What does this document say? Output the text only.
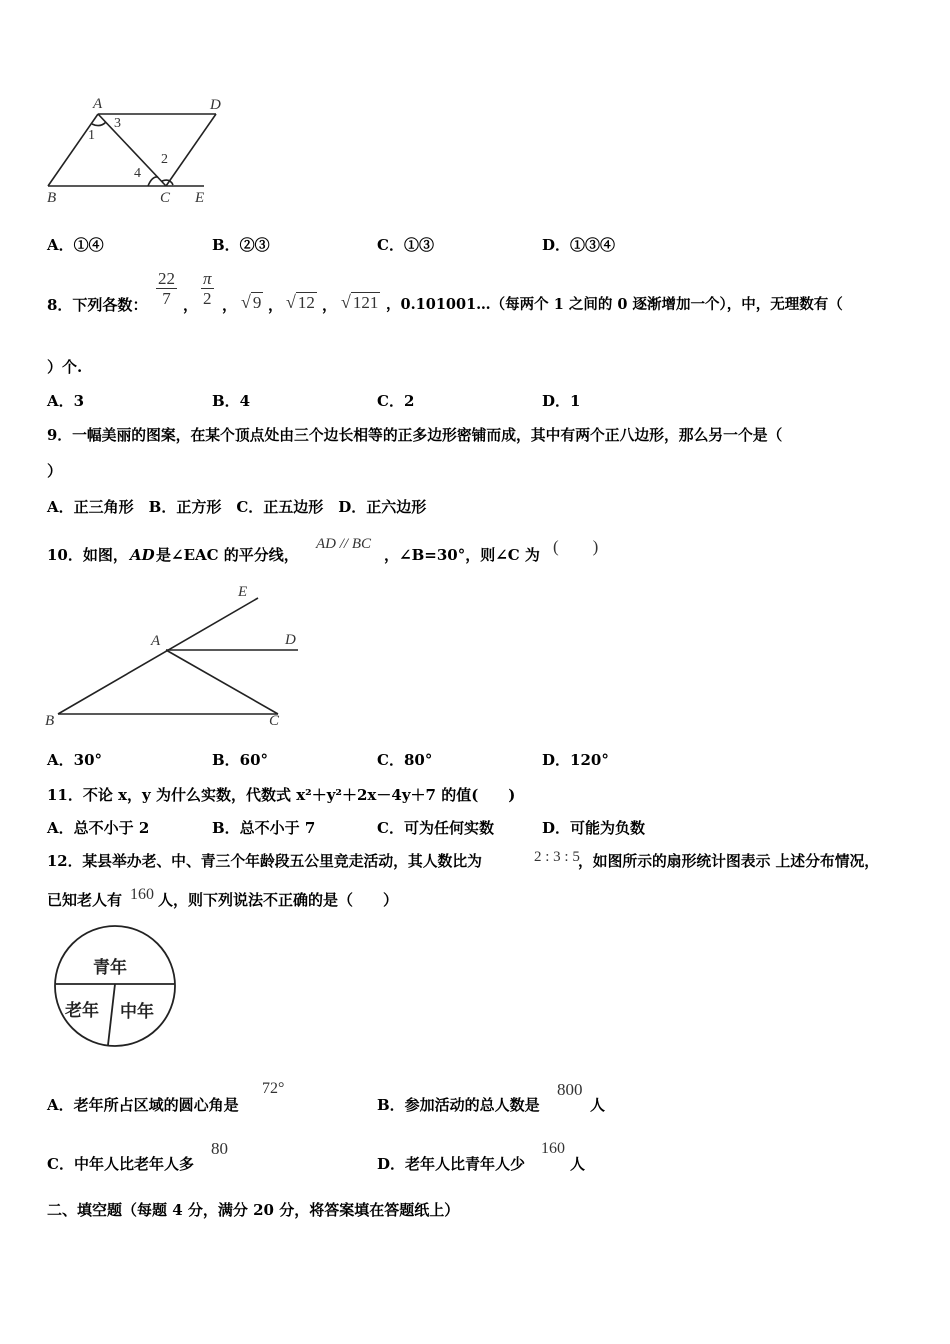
A	D
B	C E
1
3
2
4
A．①④	B．②③	C．①③	D．①③④
8．下列各数： $\frac{22}{7}$ ， $\frac{\pi}{2}$ ， √ 9 ， √ 12 ， √ 121 ，0.101001…（每两个 1 之间的 0 逐渐增加一个），中，无理数有（
）个.
A．3	B．4	C．2	D．1
9．一幅美丽的图案，在某个顶点处由三个边长相等的正多边形密铺而成，其中有两个正八边形，那么另一个是（
）
A．正三角形　B．正方形　C．正五边形　D．正六边形
10．如图， AD 是∠EAC 的平分线，
AD // BC
，∠B=30°，则∠C 为 (　　)
E
A	D
B	C
A．30°	B．60°	C．80°	D．120°
11．不论 x，y 为什么实数，代数式 x²＋y²＋2x－4y＋7 的值(　　)
A．总不小于 2	B．总不小于 7	C．可为任何实数	D．可能为负数
12．某县举办老、中、青三个年龄段五公里竞走活动，其人数比为	2 : 3 : 5
，如图所示的扇形统计图表示 上述分布情况，
已知老人有 160 人，则下列说法不正确的是（　　）
青年
老年 中年
A．老年所占区域的圆心角是
72°
B．参加活动的总人数是
800
人
C．中年人比老年人多
80
D．老年人比青年人少
160
人
二、填空题（每题 4 分，满分 20 分，将答案填在答题纸上）
